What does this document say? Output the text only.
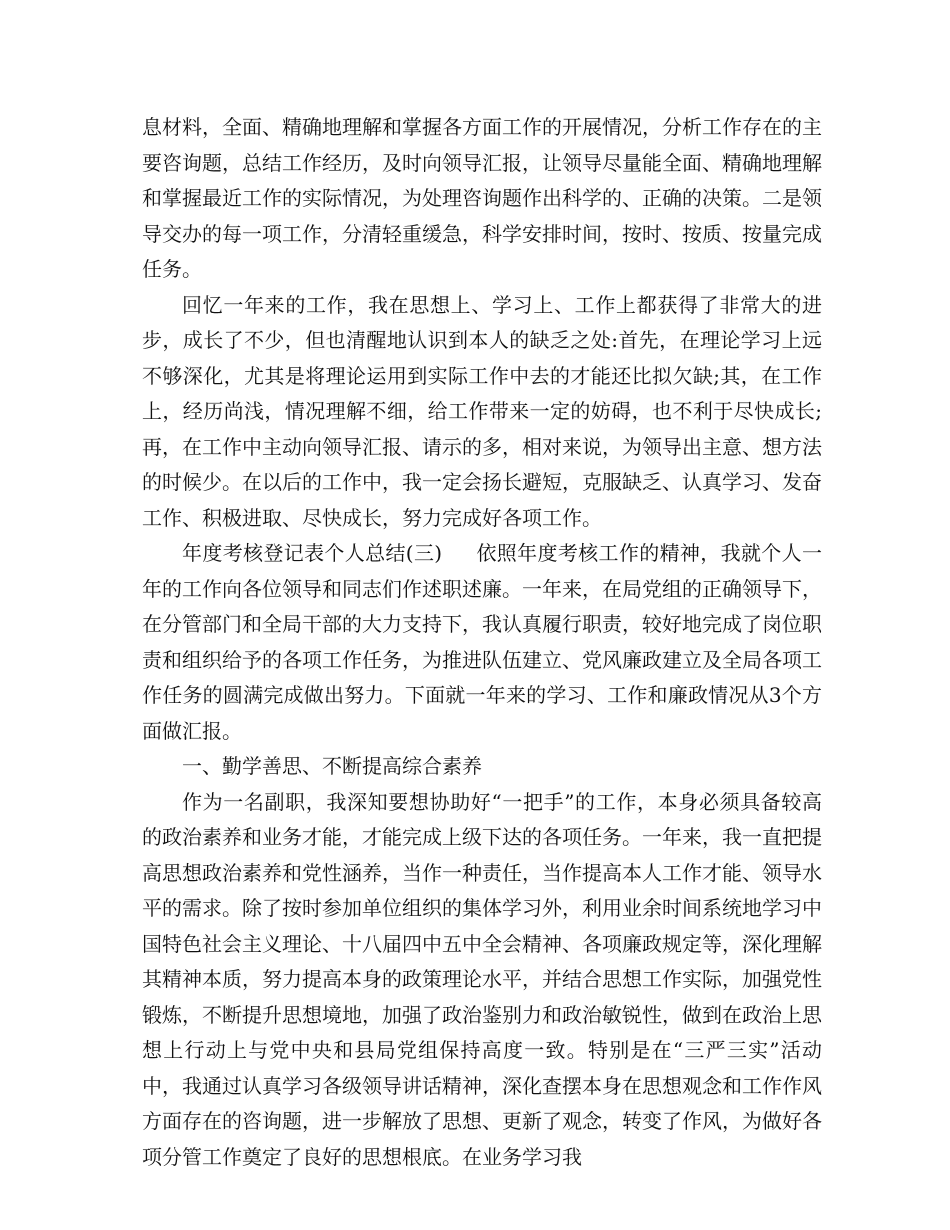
息材料，全面、精确地理解和掌握各方面工作的开展情况，分析工作存在的主要咨询题，总结工作经历，及时向领导汇报，让领导尽量能全面、精确地理解和掌握最近工作的实际情况，为处理咨询题作出科学的、正确的决策。二是领导交办的每一项工作，分清轻重缓急，科学安排时间，按时、按质、按量完成任务。

回忆一年来的工作，我在思想上、学习上、工作上都获得了非常大的进步，成长了不少，但也清醒地认识到本人的缺乏之处:首先，在理论学习上远不够深化，尤其是将理论运用到实际工作中去的才能还比拟欠缺;其，在工作上，经历尚浅，情况理解不细，给工作带来一定的妨碍，也不利于尽快成长;再，在工作中主动向领导汇报、请示的多，相对来说，为领导出主意、想方法的时候少。在以后的工作中，我一定会扬长避短，克服缺乏、认真学习、发奋工作、积极进取、尽快成长，努力完成好各项工作。

年度考核登记表个人总结(三) 依照年度考核工作的精神，我就个人一年的工作向各位领导和同志们作述职述廉。一年来，在局党组的正确领导下，在分管部门和全局干部的大力支持下，我认真履行职责，较好地完成了岗位职责和组织给予的各项工作任务，为推进队伍建立、党风廉政建立及全局各项工作任务的圆满完成做出努力。下面就一年来的学习、工作和廉政情况从3个方面做汇报。

一、勤学善思、不断提高综合素养

作为一名副职，我深知要想协助好“一把手”的工作，本身必须具备较高的政治素养和业务才能，才能完成上级下达的各项任务。一年来，我一直把提高思想政治素养和党性涵养，当作一种责任，当作提高本人工作才能、领导水平的需求。除了按时参加单位组织的集体学习外，利用业余时间系统地学习中国特色社会主义理论、十八届四中五中全会精神、各项廉政规定等，深化理解其精神本质，努力提高本身的政策理论水平，并结合思想工作实际，加强党性锻炼，不断提升思想境地，加强了政治鉴别力和政治敏锐性，做到在政治上思想上行动上与党中央和县局党组保持高度一致。特别是在“三严三实”活动中，我通过认真学习各级领导讲话精神，深化查摆本身在思想观念和工作作风方面存在的咨询题，进一步解放了思想、更新了观念，转变了作风，为做好各项分管工作奠定了良好的思想根底。在业务学习我
